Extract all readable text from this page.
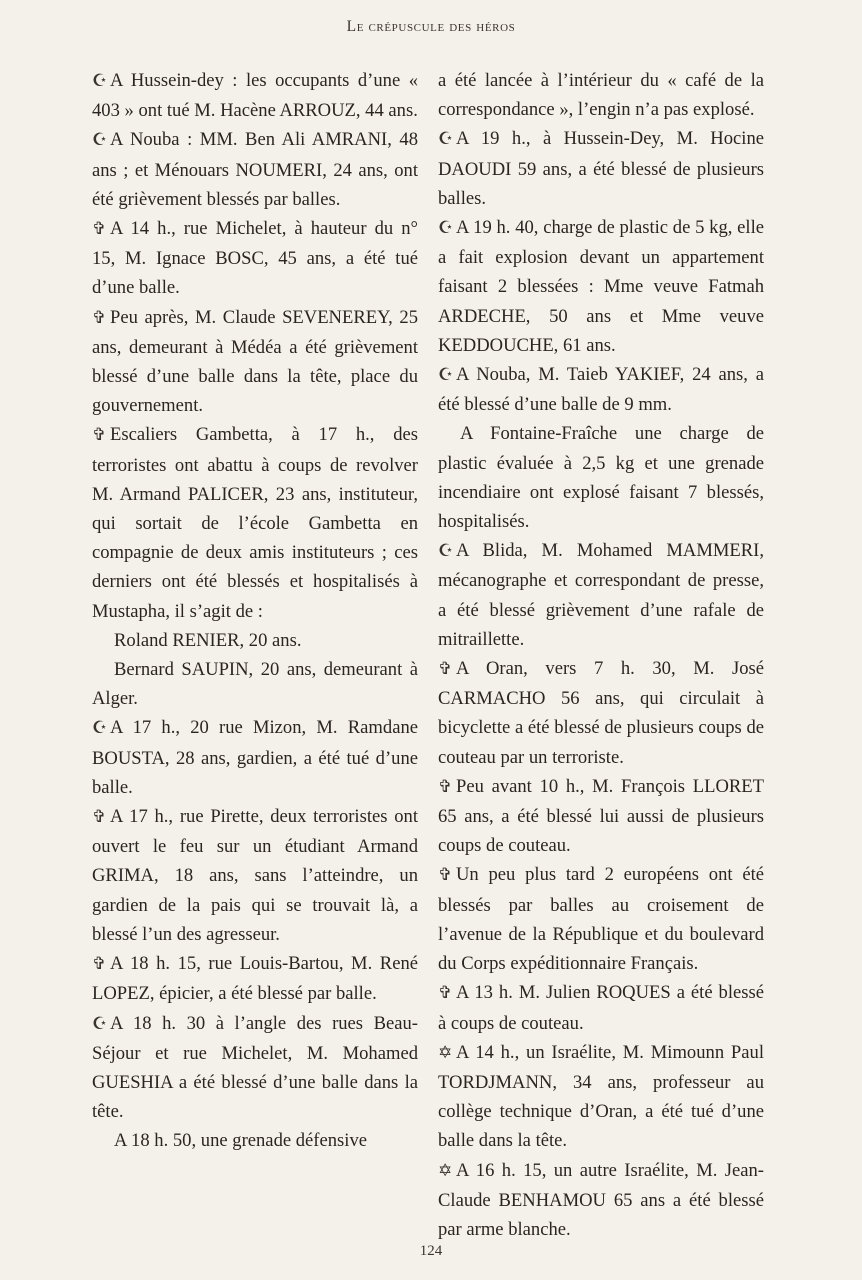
Le crépuscule des héros

☪ A Hussein-dey : les occupants d’une « 403 » ont tué M. Hacène ARROUZ, 44 ans.

☪ A Nouba : MM. Ben Ali AMRANI, 48 ans ; et Ménouars NOUMERI, 24 ans, ont été grièvement blessés par balles.

✞ A 14 h., rue Michelet, à hauteur du n° 15, M. Ignace BOSC, 45 ans, a été tué d’une balle.

✞ Peu après, M. Claude SEVENEREY, 25 ans, demeurant à Médéa a été grièvement blessé d’une balle dans la tête, place du gouvernement.

✞ Escaliers Gambetta, à 17 h., des terroristes ont abattu à coups de revolver M. Armand PALICER, 23 ans, instituteur, qui sortait de l’école Gambetta en compagnie de deux amis instituteurs ; ces derniers ont été blessés et hospitalisés à Mustapha, il s’agit de :

Roland RENIER, 20 ans.

Bernard SAUPIN, 20 ans, demeurant à Alger.

☪ A 17 h., 20 rue Mizon, M. Ramdane BOUSTA, 28 ans, gardien, a été tué d’une balle.

✞ A 17 h., rue Pirette, deux terroristes ont ouvert le feu sur un étudiant Armand GRIMA, 18 ans, sans l’atteindre, un gardien de la pais qui se trouvait là, a blessé l’un des agresseur.

✞ A 18 h. 15, rue Louis-Bartou, M. René LOPEZ, épicier, a été blessé par balle.

☪ A 18 h. 30 à l’angle des rues Beau-Séjour et rue Michelet, M. Mohamed GUESHIA a été blessé d’une balle dans la tête.

A 18 h. 50, une grenade défensive

a été lancée à l’intérieur du « café de la correspondance », l’engin n’a pas explosé.

☪ A 19 h., à Hussein-Dey, M. Hocine DAOUDI 59 ans, a été blessé de plusieurs balles.

☪ A 19 h. 40, charge de plastic de 5 kg, elle a fait explosion devant un appartement faisant 2 blessées : Mme veuve Fatmah ARDECHE, 50 ans et Mme veuve KEDDOUCHE, 61 ans.

☪ A Nouba, M. Taieb YAKIEF, 24 ans, a été blessé d’une balle de 9 mm.

A Fontaine-Fraîche une charge de plastic évaluée à 2,5 kg et une grenade incendiaire ont explosé faisant 7 blessés, hospitalisés.

☪ A Blida, M. Mohamed MAMMERI, mécanographe et correspondant de presse, a été blessé grièvement d’une rafale de mitraillette.

✞ A Oran, vers 7 h. 30, M. José CARMACHO 56 ans, qui circulait à bicyclette a été blessé de plusieurs coups de couteau par un terroriste.

✞ Peu avant 10 h., M. François LLORET 65 ans, a été blessé lui aussi de plusieurs coups de couteau.

✞ Un peu plus tard 2 européens ont été blessés par balles au croisement de l’avenue de la République et du boulevard du Corps expéditionnaire Français.

✞ A 13 h. M. Julien ROQUES a été blessé à coups de couteau.

✡ A 14 h., un Israélite, M. Mimounn Paul TORDJMANN, 34 ans, professeur au collège technique d’Oran, a été tué d’une balle dans la tête.

✡ A 16 h. 15, un autre Israélite, M. Jean-Claude BENHAMOU 65 ans a été blessé par arme blanche.

124
